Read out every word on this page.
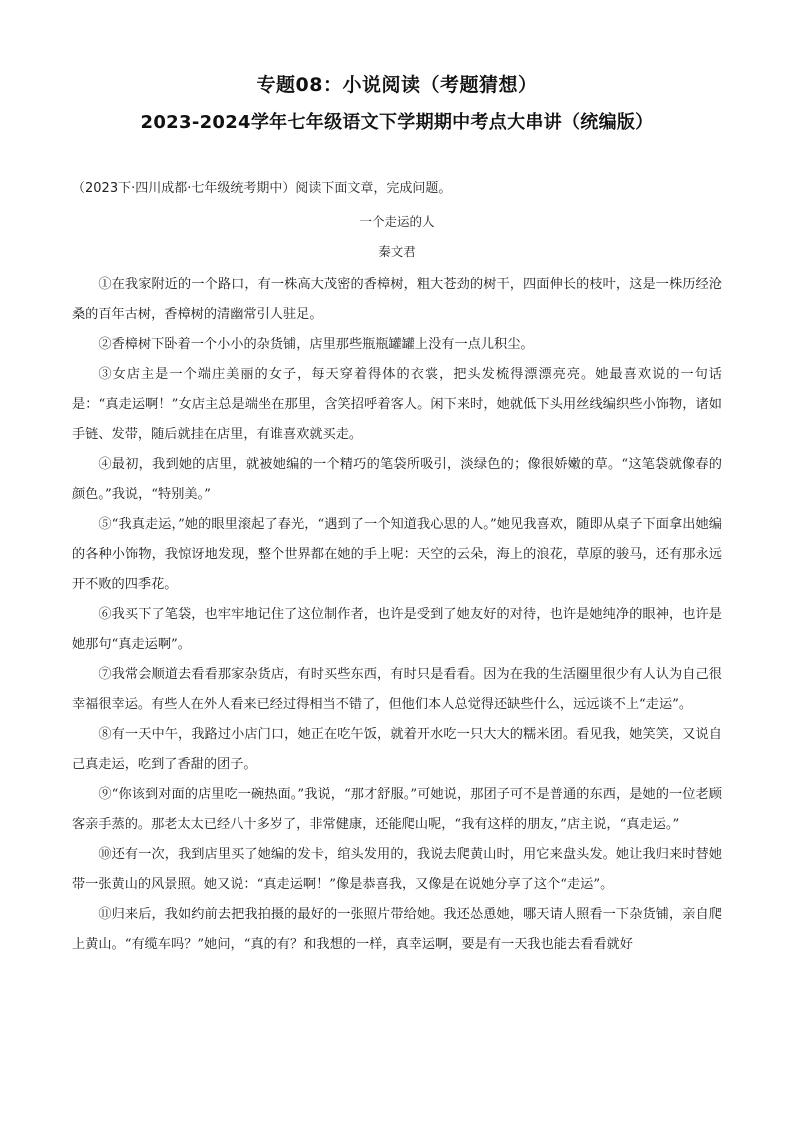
专题08：小说阅读（考题猜想）
2023-2024学年七年级语文下学期期中考点大串讲（统编版）
（2023下·四川成都·七年级统考期中）阅读下面文章，完成问题。
一个走运的人
秦文君

①在我家附近的一个路口，有一株高大茂密的香樟树，粗大苍劲的树干，四面伸长的枝叶，这是一株历经沧桑的百年古树，香樟树的清幽常引人驻足。

②香樟树下卧着一个小小的杂货铺，店里那些瓶瓶罐罐上没有一点儿积尘。

③女店主是一个端庄美丽的女子，每天穿着得体的衣裳，把头发梳得漂漂亮亮。她最喜欢说的一句话是：“真走运啊！”女店主总是端坐在那里，含笑招呼着客人。闲下来时，她就低下头用丝线编织些小饰物，诸如手链、发带，随后就挂在店里，有谁喜欢就买走。

④最初，我到她的店里，就被她编的一个精巧的笔袋所吸引，淡绿色的；像很娇嫩的草。“这笔袋就像春的颜色。”我说，“特别美。”

⑤“我真走运，”她的眼里滚起了春光，“遇到了一个知道我心思的人。”她见我喜欢，随即从桌子下面拿出她编的各种小饰物，我惊讶地发现，整个世界都在她的手上呢：天空的云朵，海上的浪花，草原的骏马，还有那永远开不败的四季花。

⑥我买下了笔袋，也牢牢地记住了这位制作者，也许是受到了她友好的对待，也许是她纯净的眼神，也许是她那句“真走运啊”。

⑦我常会顺道去看看那家杂货店，有时买些东西，有时只是看看。因为在我的生活圈里很少有人认为自己很幸福很幸运。有些人在外人看来已经过得相当不错了，但他们本人总觉得还缺些什么，远远谈不上“走运”。

⑧有一天中午，我路过小店门口，她正在吃午饭，就着开水吃一只大大的糯米团。看见我，她笑笑，又说自己真走运，吃到了香甜的团子。

⑨“你该到对面的店里吃一碗热面。”我说，“那才舒服。”可她说，那团子可不是普通的东西，是她的一位老顾客亲手蒸的。那老太太已经八十多岁了，非常健康，还能爬山呢，“我有这样的朋友，”店主说，“真走运。”

⑩还有一次，我到店里买了她编的发卡，绾头发用的，我说去爬黄山时，用它来盘头发。她让我归来时替她带一张黄山的风景照。她又说：“真走运啊！”像是恭喜我，又像是在说她分享了这个“走运”。

⑪归来后，我如约前去把我拍摄的最好的一张照片带给她。我还怂恿她，哪天请人照看一下杂货铺，亲自爬上黄山。“有缆车吗？”她问，“真的有？和我想的一样，真幸运啊，要是有一天我也能去看看就好
